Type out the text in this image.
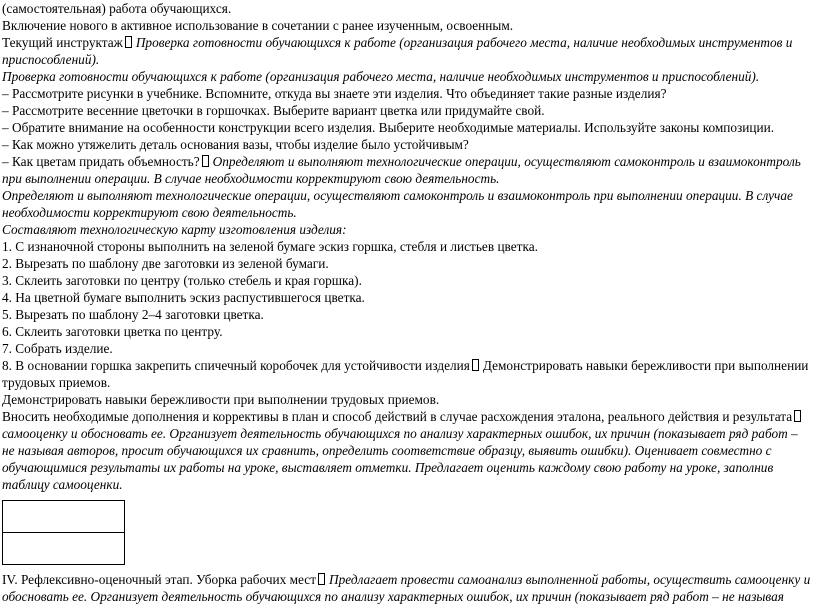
(самостоятельная) работа обучающихся.

Включение нового в активное использование в сочетании с ранее изученным, освоенным.

Текущий инструктаж Проверка готовности обучающихся к работе (организация рабочего места, наличие необходимых инструментов и приспособлений).

Проверка готовности обучающихся к работе (организация рабочего места, наличие необходимых инструментов и приспособлений).

– Рассмотрите рисунки в учебнике. Вспомните, откуда вы знаете эти изделия. Что объединяет такие разные изделия?

– Рассмотрите весенние цветочки в горшочках. Выберите вариант цветка или придумайте свой.

– Обратите внимание на особенности конструкции всего изделия. Выберите необходимые материалы. Используйте законы композиции.

– Как можно утяжелить деталь основания вазы, чтобы изделие было устойчивым?

– Как цветам придать объемность? Определяют и выполняют технологические операции, осуществляют самоконтроль и взаимоконтроль при выполнении операции. В случае необходимости корректируют свою деятельность.

Определяют и выполняют технологические операции, осуществляют самоконтроль и взаимоконтроль при выполнении операции. В случае необходимости корректируют свою деятельность.

Составляют технологическую карту изготовления изделия:

1. С изнаночной стороны выполнить на зеленой бумаге эскиз горшка, стебля и листьев цветка.

2. Вырезать по шаблону две заготовки из зеленой бумаги.

3. Склеить заготовки по центру (только стебель и края горшка).

4. На цветной бумаге выполнить эскиз распустившегося цветка.

5. Вырезать по шаблону 2–4 заготовки цветка.

6. Склеить заготовки цветка по центру.

7. Собрать изделие.

8. В основании горшка закрепить спичечный коробочек для устойчивости изделия Демонстрировать навыки бережливости при выполнении трудовых приемов.

Демонстрировать навыки бережливости при выполнении трудовых приемов.

Вносить необходимые дополнения и коррективы в план и способ действий в случае расхождения эталона, реального действия и результата

самооценку и обосновать ее. Организует деятельность обучающихся по анализу характерных ошибок, их причин (показывает ряд работ – не называя авторов, просит обучающихся их сравнить, определить соответствие образцу, выявить ошибки). Оценивает совместно с обучающимися результаты их работы на уроке, выставляет отметки. Предлагает оценить каждому свою работу на уроке, заполнив таблицу самооценки.

IV. Рефлексивно-оценочный этап. Уборка рабочих мест Предлагает провести самоанализ выполненной работы, осуществить самооценку и обосновать ее. Организует деятельность обучающихся по анализу характерных ошибок, их причин (показывает ряд работ – не называя
